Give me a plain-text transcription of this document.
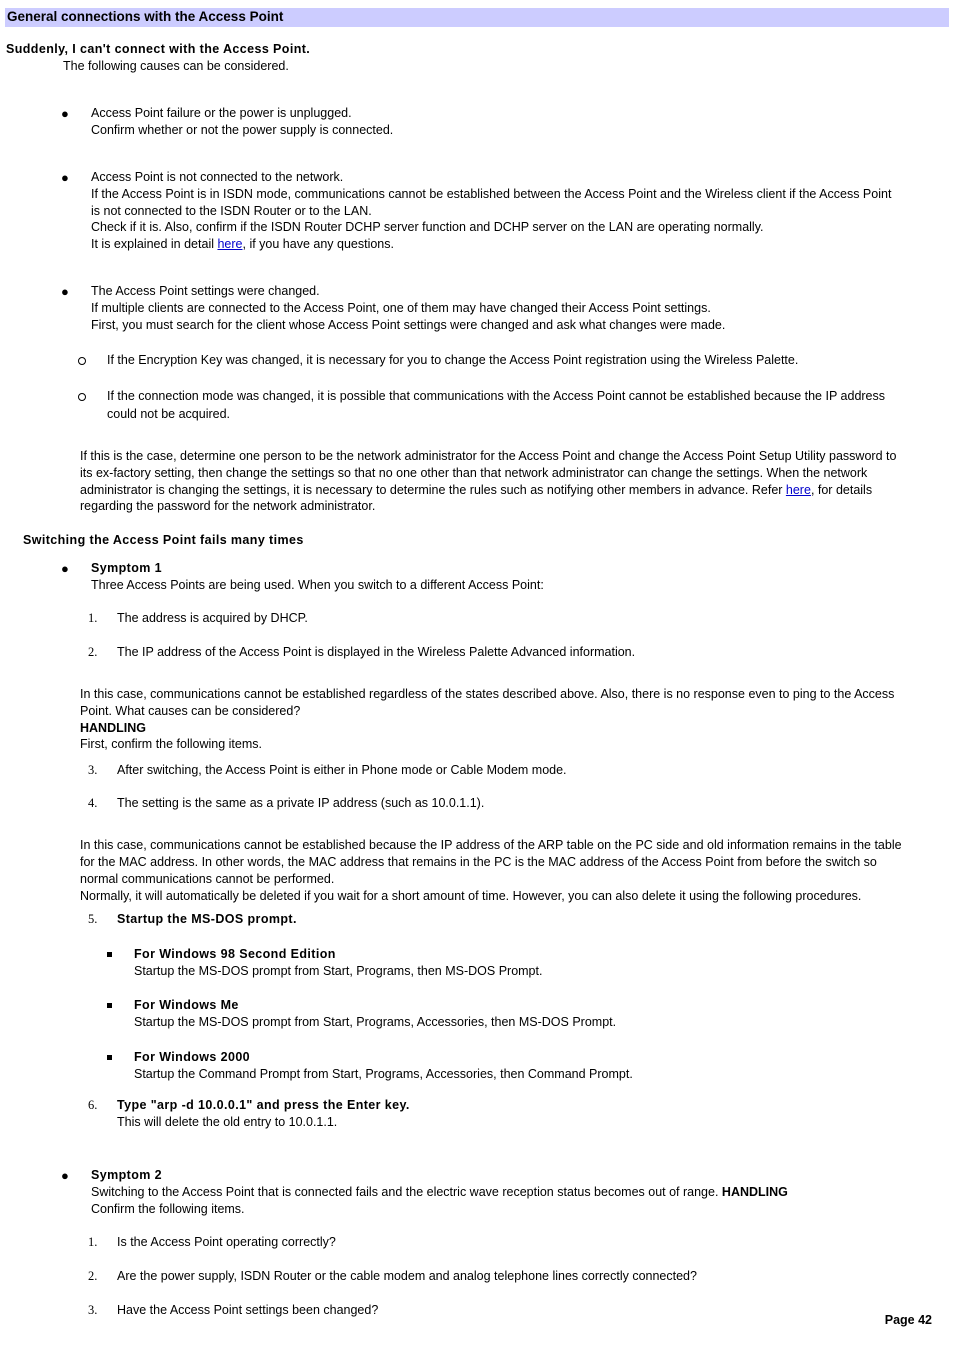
General connections with the Access Point
Suddenly, I can't connect with the Access Point.
The following causes can be considered.
● Access Point failure or the power is unplugged.
Confirm whether or not the power supply is connected.
● Access Point is not connected to the network.
If the Access Point is in ISDN mode, communications cannot be established between the Access Point and the Wireless client if the Access Point
is not connected to the ISDN Router or to the LAN.
Check if it is. Also, confirm if the ISDN Router DCHP server function and DCHP server on the LAN are operating normally.
It is explained in detail here, if you have any questions.
● The Access Point settings were changed.
If multiple clients are connected to the Access Point, one of them may have changed their Access Point settings.
First, you must search for the client whose Access Point settings were changed and ask what changes were made.
If the Encryption Key was changed, it is necessary for you to change the Access Point registration using the Wireless Palette.
If the connection mode was changed, it is possible that communications with the Access Point cannot be established because the IP address
could not be acquired.
If this is the case, determine one person to be the network administrator for the Access Point and change the Access Point Setup Utility password to
its ex-factory setting, then change the settings so that no one other than that network administrator can change the settings. When the network
administrator is changing the settings, it is necessary to determine the rules such as notifying other members in advance. Refer here, for details
regarding the password for the network administrator.
Switching the Access Point fails many times
● Symptom 1
Three Access Points are being used. When you switch to a different Access Point:
1. The address is acquired by DHCP.
2. The IP address of the Access Point is displayed in the Wireless Palette Advanced information.
In this case, communications cannot be established regardless of the states described above. Also, there is no response even to ping to the Access
Point. What causes can be considered?
HANDLING
First, confirm the following items.
3. After switching, the Access Point is either in Phone mode or Cable Modem mode.
4. The setting is the same as a private IP address (such as 10.0.1.1).
In this case, communications cannot be established because the IP address of the ARP table on the PC side and old information remains in the table
for the MAC address. In other words, the MAC address that remains in the PC is the MAC address of the Access Point from before the switch so
normal communications cannot be performed.
Normally, it will automatically be deleted if you wait for a short amount of time. However, you can also delete it using the following procedures.
5. Startup the MS-DOS prompt.
For Windows 98 Second Edition
Startup the MS-DOS prompt from Start, Programs, then MS-DOS Prompt.
For Windows Me
Startup the MS-DOS prompt from Start, Programs, Accessories, then MS-DOS Prompt.
For Windows 2000
Startup the Command Prompt from Start, Programs, Accessories, then Command Prompt.
6. Type "arp -d 10.0.0.1" and press the Enter key.
This will delete the old entry to 10.0.1.1.
● Symptom 2
Switching to the Access Point that is connected fails and the electric wave reception status becomes out of range. HANDLING
Confirm the following items.
1. Is the Access Point operating correctly?
2. Are the power supply, ISDN Router or the cable modem and analog telephone lines correctly connected?
3. Have the Access Point settings been changed?
Page 42
